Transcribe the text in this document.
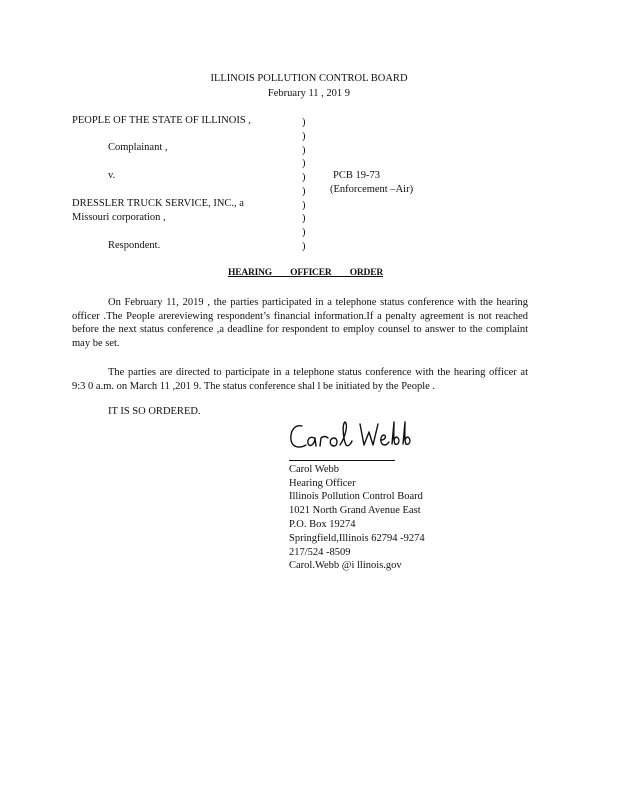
ILLINOIS POLLUTION CONTROL BOARD
February 11 , 201 9
PEOPLE OF THE STATE OF ILLINOIS ,
Complainant ,
v.
DRESSLER TRUCK SERVICE, INC., a
Missouri corporation ,
Respondent.
)
)
)
)
)
)
)
)
)
)
PCB 19-73
(Enforcement –Air)
HEARING OFFICER ORDER
On February 11, 2019 , the parties participated in a telephone status conference with the hearing officer .The People arereviewing respondent’s financial information.If a penalty agreement is not reached before the next status conference ,a deadline for respondent to employ counsel to answer to the complaint may be set.
The parties are directed to participate in a telephone status conference with the hearing officer at 9:3 0 a.m. on March 11 ,201 9. The status conference shal l be initiated by the People .
IT IS SO ORDERED.
Carol Webb
Hearing Officer
Illinois Pollution Control Board
1021 North Grand Avenue East
P.O. Box 19274
Springfield,Illinois 62794 -9274
217/524 -8509
Carol.Webb @i llinois.gov
